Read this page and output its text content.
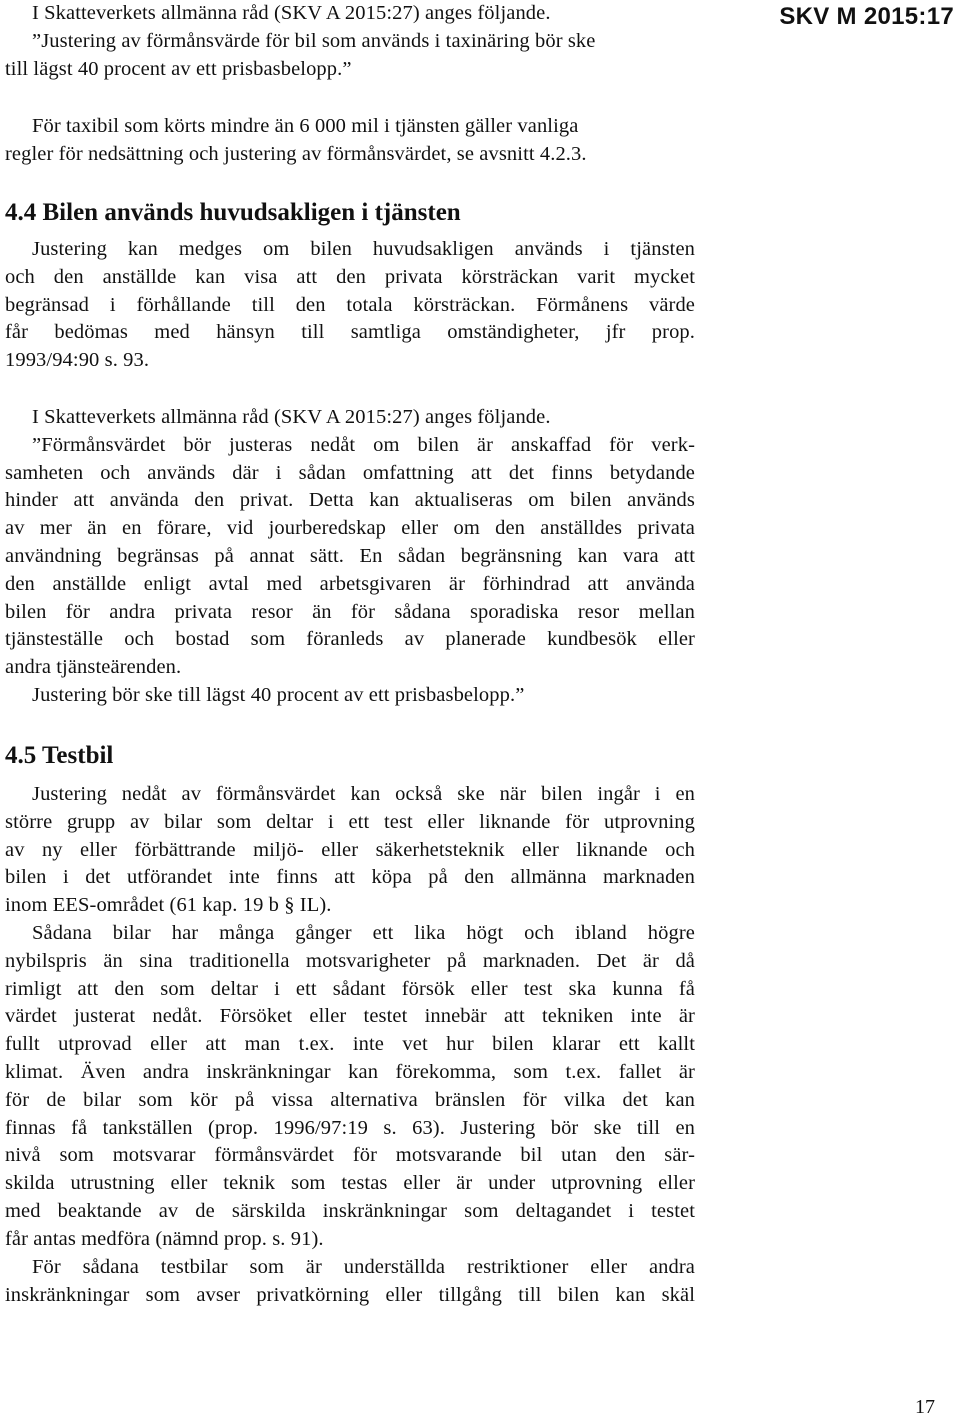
SKV M 2015:17
I Skatteverkets allmänna råd (SKV A 2015:27) anges följande.
”Justering av förmånsvärde för bil som används i taxinäring bör ske
till lägst 40 procent av ett prisbasbelopp.”
För taxibil som körts mindre än 6 000 mil i tjänsten gäller vanliga
regler för nedsättning och justering av förmånsvärdet, se avsnitt 4.2.3.
4.4 Bilen används huvudsakligen i tjänsten
Justering kan medges om bilen huvudsakligen används i tjänsten
och den anställde kan visa att den privata körsträckan varit mycket
begränsad i förhållande till den totala körsträckan. Förmånens värde
får bedömas med hänsyn till samtliga omständigheter, jfr prop.
1993/94:90 s. 93.
I Skatteverkets allmänna råd (SKV A 2015:27) anges följande.
”Förmånsvärdet bör justeras nedåt om bilen är anskaffad för verk-
samheten och används där i sådan omfattning att det finns betydande
hinder att använda den privat. Detta kan aktualiseras om bilen används
av mer än en förare, vid jourberedskap eller om den anställdes privata
användning begränsas på annat sätt. En sådan begränsning kan vara att
den anställde enligt avtal med arbetsgivaren är förhindrad att använda
bilen för andra privata resor än för sådana sporadiska resor mellan
tjänsteställe och bostad som föranleds av planerade kundbesök eller
andra tjänsteärenden.
Justering bör ske till lägst 40 procent av ett prisbasbelopp.”
4.5 Testbil
Justering nedåt av förmånsvärdet kan också ske när bilen ingår i en
större grupp av bilar som deltar i ett test eller liknande för utprovning
av ny eller förbättrande miljö- eller säkerhetsteknik eller liknande och
bilen i det utförandet inte finns att köpa på den allmänna marknaden
inom EES-området (61 kap. 19 b § IL).
Sådana bilar har många gånger ett lika högt och ibland högre
nybilspris än sina traditionella motsvarigheter på marknaden. Det är då
rimligt att den som deltar i ett sådant försök eller test ska kunna få
värdet justerat nedåt. Försöket eller testet innebär att tekniken inte är
fullt utprovad eller att man t.ex. inte vet hur bilen klarar ett kallt
klimat. Även andra inskränkningar kan förekomma, som t.ex. fallet är
för de bilar som kör på vissa alternativa bränslen för vilka det kan
finnas få tankställen (prop. 1996/97:19 s. 63). Justering bör ske till en
nivå som motsvarar förmånsvärdet för motsvarande bil utan den sär-
skilda utrustning eller teknik som testas eller är under utprovning eller
med beaktande av de särskilda inskränkningar som deltagandet i testet
får antas medföra (nämnd prop. s. 91).
För sådana testbilar som är underställda restriktioner eller andra
inskränkningar som avser privatkörning eller tillgång till bilen kan skäl
17
